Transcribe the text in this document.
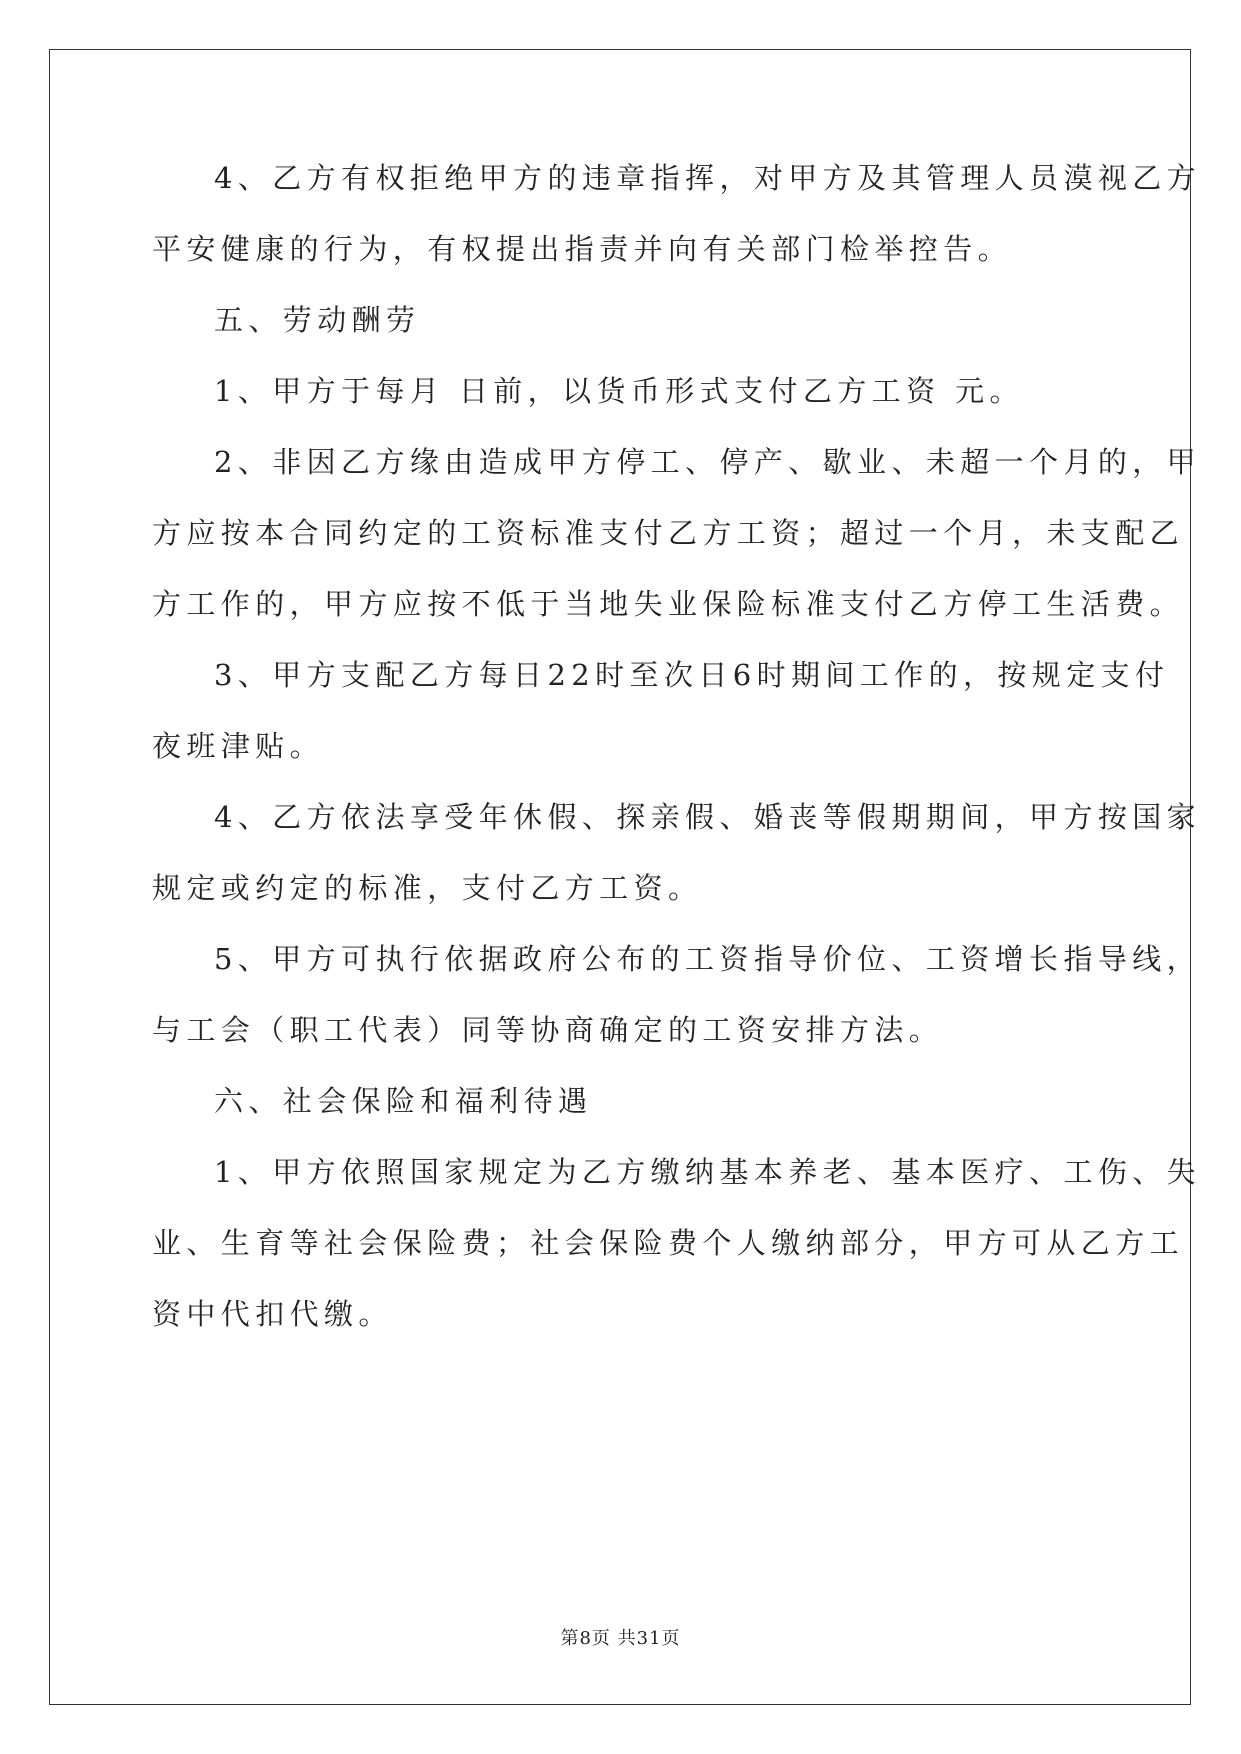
4、乙方有权拒绝甲方的违章指挥，对甲方及其管理人员漠视乙方
平安健康的行为，有权提出指责并向有关部门检举控告。
五、劳动酬劳
1、甲方于每月 日前，以货币形式支付乙方工资 元。
2、非因乙方缘由造成甲方停工、停产、歇业、未超一个月的，甲
方应按本合同约定的工资标准支付乙方工资；超过一个月，未支配乙
方工作的，甲方应按不低于当地失业保险标准支付乙方停工生活费。
3、甲方支配乙方每日22时至次日6时期间工作的，按规定支付
夜班津贴。
4、乙方依法享受年休假、探亲假、婚丧等假期期间，甲方按国家
规定或约定的标准，支付乙方工资。
5、甲方可执行依据政府公布的工资指导价位、工资增长指导线，
与工会（职工代表）同等协商确定的工资安排方法。
六、社会保险和福利待遇
1、甲方依照国家规定为乙方缴纳基本养老、基本医疗、工伤、失
业、生育等社会保险费；社会保险费个人缴纳部分，甲方可从乙方工
资中代扣代缴。
第8页 共31页
